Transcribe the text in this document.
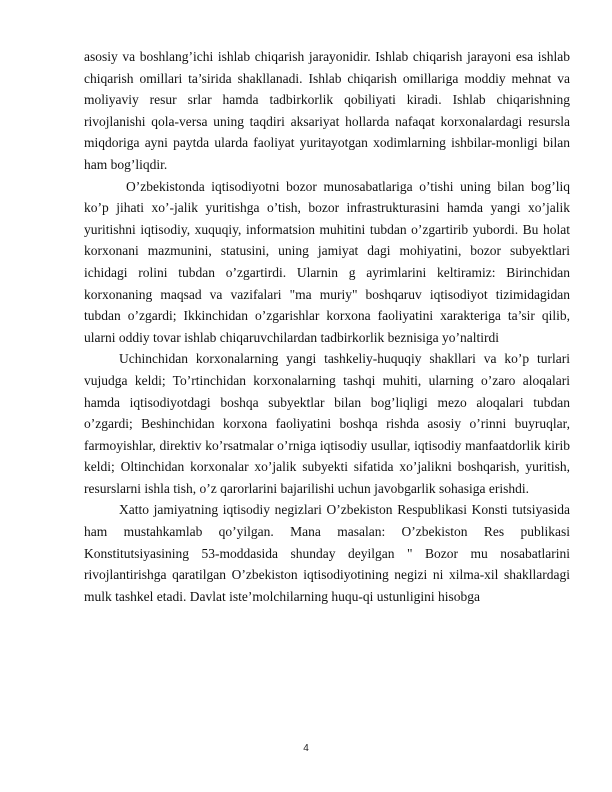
asosiy va boshlang’ichi ishlab chiqarish jarayonidir. Ishlab chiqarish jarayoni esa ishlab chiqarish omillari ta’sirida shakllanadi. Ishlab chiqarish omillariga moddiy mehnat va moliyaviy resur srlar hamda tadbirkorlik qobiliyati kiradi. Ishlab chiqarishning rivojlanishi qola-versa uning taqdiri aksariyat hollarda nafaqat korxonalardagi resursla miqdoriga ayni paytda ularda faoliyat yuritayotgan xodimlarning ishbilar-monligi bilan ham bog’liqdir.

O’zbekistonda iqtisodiyotni bozor munosabatlariga o’tishi uning bilan bog’liq ko’p jihati xo’-jalik yuritishga o’tish, bozor infrastrukturasini hamda yangi xo’jalik yuritishni iqtisodiy, xuquqiy, informatsion muhitini tubdan o’zgartirib yubordi. Bu holat korxonani mazmunini, statusini, uning jamiyat dagi mohiyatini, bozor subyektlari ichidagi rolini tubdan o’zgartirdi. Ularnin g ayrimlarini keltiramiz: Birinchidan korxonaning maqsad va vazifalari "ma muriy" boshqaruv iqtisodiyot tizimidagidan tubdan o’zgardi; Ikkinchidan o’zgarishlar korxona faoliyatini xarakteriga ta’sir qilib, ularni oddiy tovar ishlab chiqaruvchilardan tadbirkorlik beznisiga yo’naltirdi

Uchinchidan korxonalarning yangi tashkeliy-huquqiy shakllari va ko’p turlari vujudga keldi; To’rtinchidan korxonalarning tashqi muhiti, ularning o’zaro aloqalari hamda iqtisodiyotdagi boshqa subyektlar bilan bog’liqligi mezo aloqalari tubdan o’zgardi; Beshinchidan korxona faoliyatini boshqa rishda asosiy o’rinni buyruqlar, farmoyishlar, direktiv ko’rsatmalar o’rniga iqtisodiy usullar, iqtisodiy manfaatdorlik kirib keldi; Oltinchidan korxonalar xo’jalik subyekti sifatida xo’jalikni boshqarish, yuritish, resurslarni ishla tish, o’z qarorlarini bajarilishi uchun javobgarlik sohasiga erishdi.

Xatto jamiyatning iqtisodiy negizlari O’zbekiston Respublikasi Konsti tutsiyasida ham mustahkamlab qo’yilgan. Mana masalan: O’zbekiston Res publikasi Konstitutsiyasining 53-moddasida shunday deyilgan " Bozor mu nosabatlarini rivojlantirishga qaratilgan O’zbekiston iqtisodiyotining negizi ni xilma-xil shakllardagi mulk tashkel etadi. Davlat iste’molchilarning huqu-qi ustunligini hisobga

4
